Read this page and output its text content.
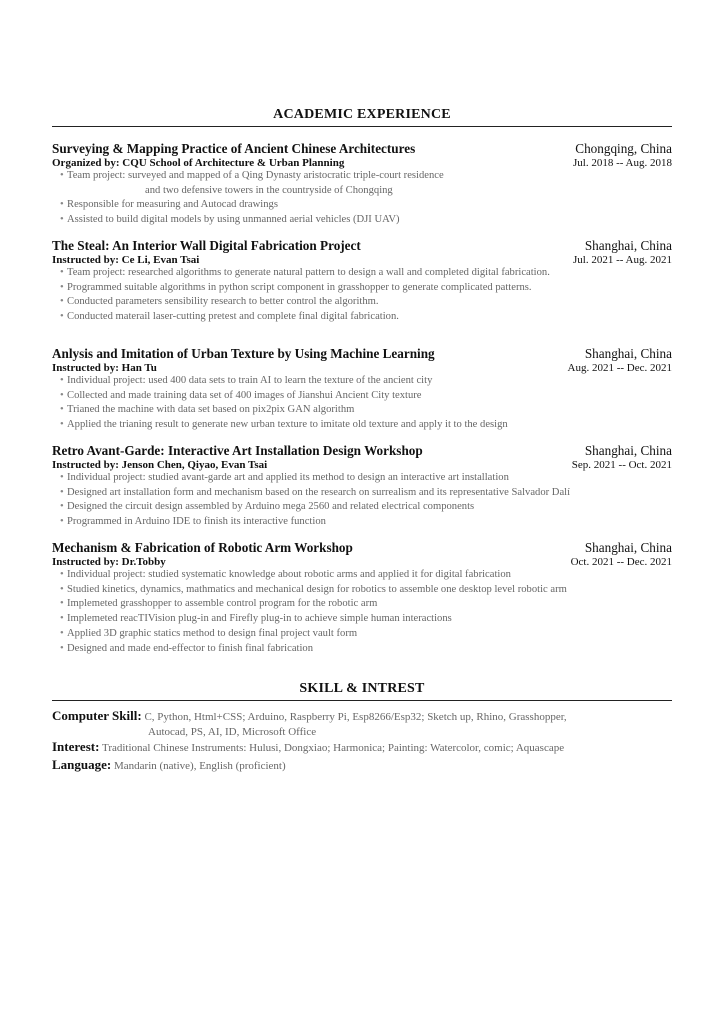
ACADEMIC EXPERIENCE
Surveying & Mapping Practice of Ancient Chinese Architectures	Chongqing, China
Organized by: CQU School of Architecture & Urban Planning	Jul. 2018 -- Aug. 2018
• Team project: surveyed and mapped of a Qing Dynasty aristocratic triple-court residence
and two defensive towers in the countryside of Chongqing
• Responsible for measuring and Autocad drawings
• Assisted to build digital models by using unmanned aerial vehicles (DJI UAV)
The Steal: An Interior Wall Digital Fabrication Project	Shanghai, China
Instructed by: Ce Li, Evan Tsai	Jul. 2021 -- Aug. 2021
• Team project: researched algorithms to generate natural pattern to design a wall and completed digital fabrication.
• Programmed suitable algorithms in python script component in grasshopper to generate complicated patterns.
• Conducted parameters sensibility research to better control the algorithm.
• Conducted materail laser-cutting pretest and complete final digital fabrication.
Anlysis and Imitation of Urban Texture by Using Machine Learning	Shanghai, China
Instructed by: Han Tu	Aug. 2021 -- Dec. 2021
• Individual project: used 400 data sets to train AI to learn the texture of the ancient city
• Collected and made training data set of 400 images of Jianshui Ancient City texture
• Trianed the machine with data set based on pix2pix GAN algorithm
• Applied the trianing result to generate new urban texture to imitate old texture and apply it to the design
Retro Avant-Garde: Interactive Art Installation Design Workshop	Shanghai, China
Instructed by: Jenson Chen, Qiyao, Evan Tsai	Sep. 2021 -- Oct. 2021
• Individual project: studied avant-garde art and applied its method to design an interactive art installation
• Designed art installation form and mechanism based on the research on surrealism and its representative Salvador Dalí
• Designed the circuit design assembled by Arduino mega 2560 and related electrical components
• Programmed in Arduino IDE to finish its interactive function
Mechanism & Fabrication of Robotic Arm Workshop	Shanghai, China
Instructed by: Dr.Tobby	Oct. 2021 -- Dec. 2021
• Individual project: studied systematic knowledge about robotic arms and applied it for digital fabrication
• Studied kinetics, dynamics, mathmatics and mechanical design for robotics to assemble one desktop level robotic arm
• Implemeted grasshopper to assemble control program for the robotic arm
• Implemeted reacTIVision plug-in and Firefly plug-in to achieve simple human interactions
• Applied 3D graphic statics method to design final project vault form
• Designed and made end-effector to finish final fabrication
SKILL & INTREST
Computer Skill: C, Python, Html+CSS; Arduino, Raspberry Pi, Esp8266/Esp32; Sketch up, Rhino, Grasshopper,
Autocad, PS, AI, ID, Microsoft Office
Interest: Traditional Chinese Instruments: Hulusi, Dongxiao; Harmonica; Painting: Watercolor, comic; Aquascape
Language: Mandarin (native), English (proficient)
